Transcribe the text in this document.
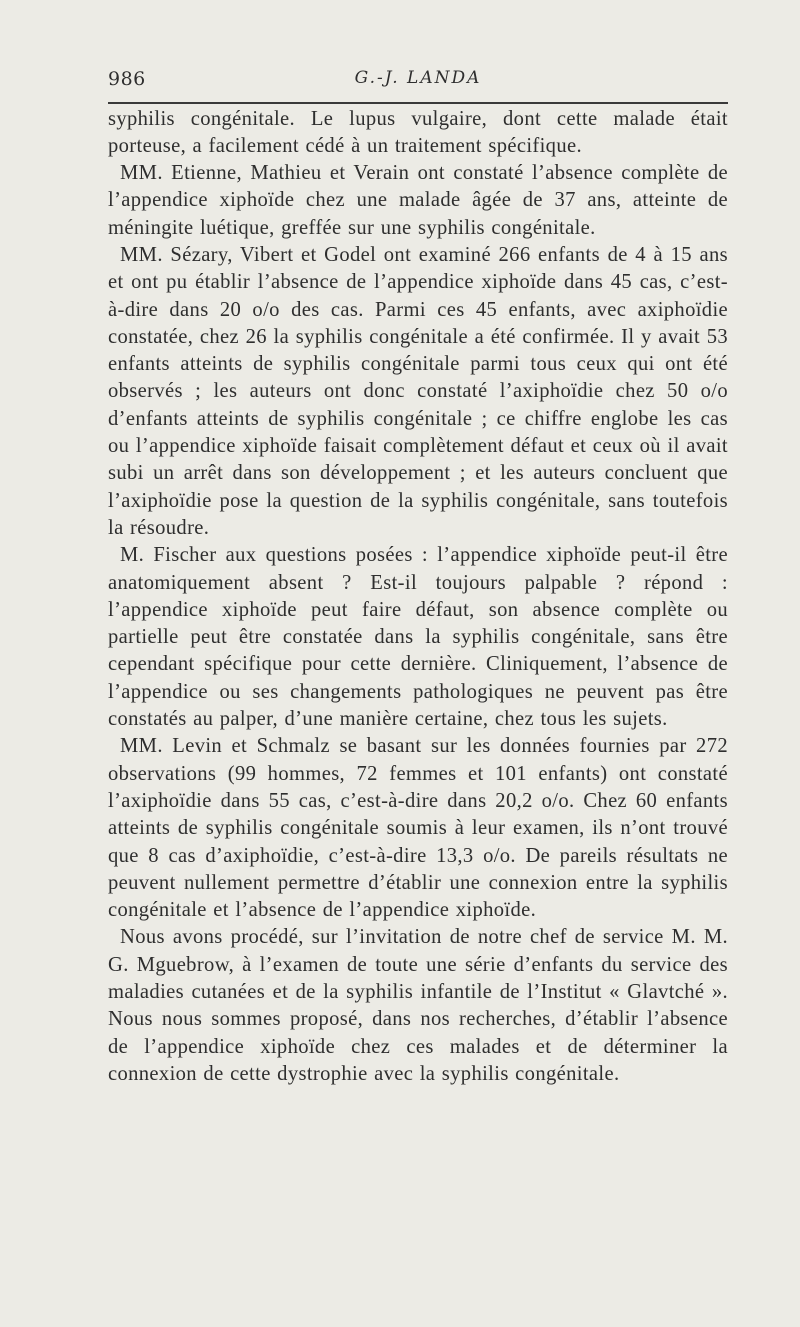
986	G.-J. LANDA

syphilis congénitale. Le lupus vulgaire, dont cette malade était porteuse, a facilement cédé à un traitement spécifique.

MM. Etienne, Mathieu et Verain ont constaté l’absence complète de l’appendice xiphoïde chez une malade âgée de 37 ans, atteinte de méningite luétique, greffée sur une syphilis congénitale.

MM. Sézary, Vibert et Godel ont examiné 266 enfants de 4 à 15 ans et ont pu établir l’absence de l’appendice xiphoïde dans 45 cas, c’est-à-dire dans 20 o/o des cas. Parmi ces 45 enfants, avec axiphoïdie constatée, chez 26 la syphilis congénitale a été confirmée. Il y avait 53 enfants atteints de syphilis congénitale parmi tous ceux qui ont été observés ; les auteurs ont donc constaté l’axiphoïdie chez 50 o/o d’enfants atteints de syphilis congénitale ; ce chiffre englobe les cas ou l’appendice xiphoïde faisait complètement défaut et ceux où il avait subi un arrêt dans son développement ; et les auteurs concluent que l’axiphoïdie pose la question de la syphilis congénitale, sans toutefois la résoudre.

M. Fischer aux questions posées : l’appendice xiphoïde peut-il être anatomiquement absent ? Est-il toujours palpable ? répond : l’appendice xiphoïde peut faire défaut, son absence complète ou partielle peut être constatée dans la syphilis congénitale, sans être cependant spécifique pour cette dernière. Cliniquement, l’absence de l’appendice ou ses changements pathologiques ne peuvent pas être constatés au palper, d’une manière certaine, chez tous les sujets.

MM. Levin et Schmalz se basant sur les données fournies par 272 observations (99 hommes, 72 femmes et 101 enfants) ont constaté l’axiphoïdie dans 55 cas, c’est-à-dire dans 20,2 o/o. Chez 60 enfants atteints de syphilis congénitale soumis à leur examen, ils n’ont trouvé que 8 cas d’axiphoïdie, c’est-à-dire 13,3 o/o. De pareils résultats ne peuvent nullement permettre d’établir une connexion entre la syphilis congénitale et l’absence de l’appendice xiphoïde.

Nous avons procédé, sur l’invitation de notre chef de service M. M. G. Mguebrow, à l’examen de toute une série d’enfants du service des maladies cutanées et de la syphilis infantile de l’Institut « Glavtché ». Nous nous sommes proposé, dans nos recherches, d’établir l’absence de l’appendice xiphoïde chez ces malades et de déterminer la connexion de cette dystrophie avec la syphilis congénitale.
